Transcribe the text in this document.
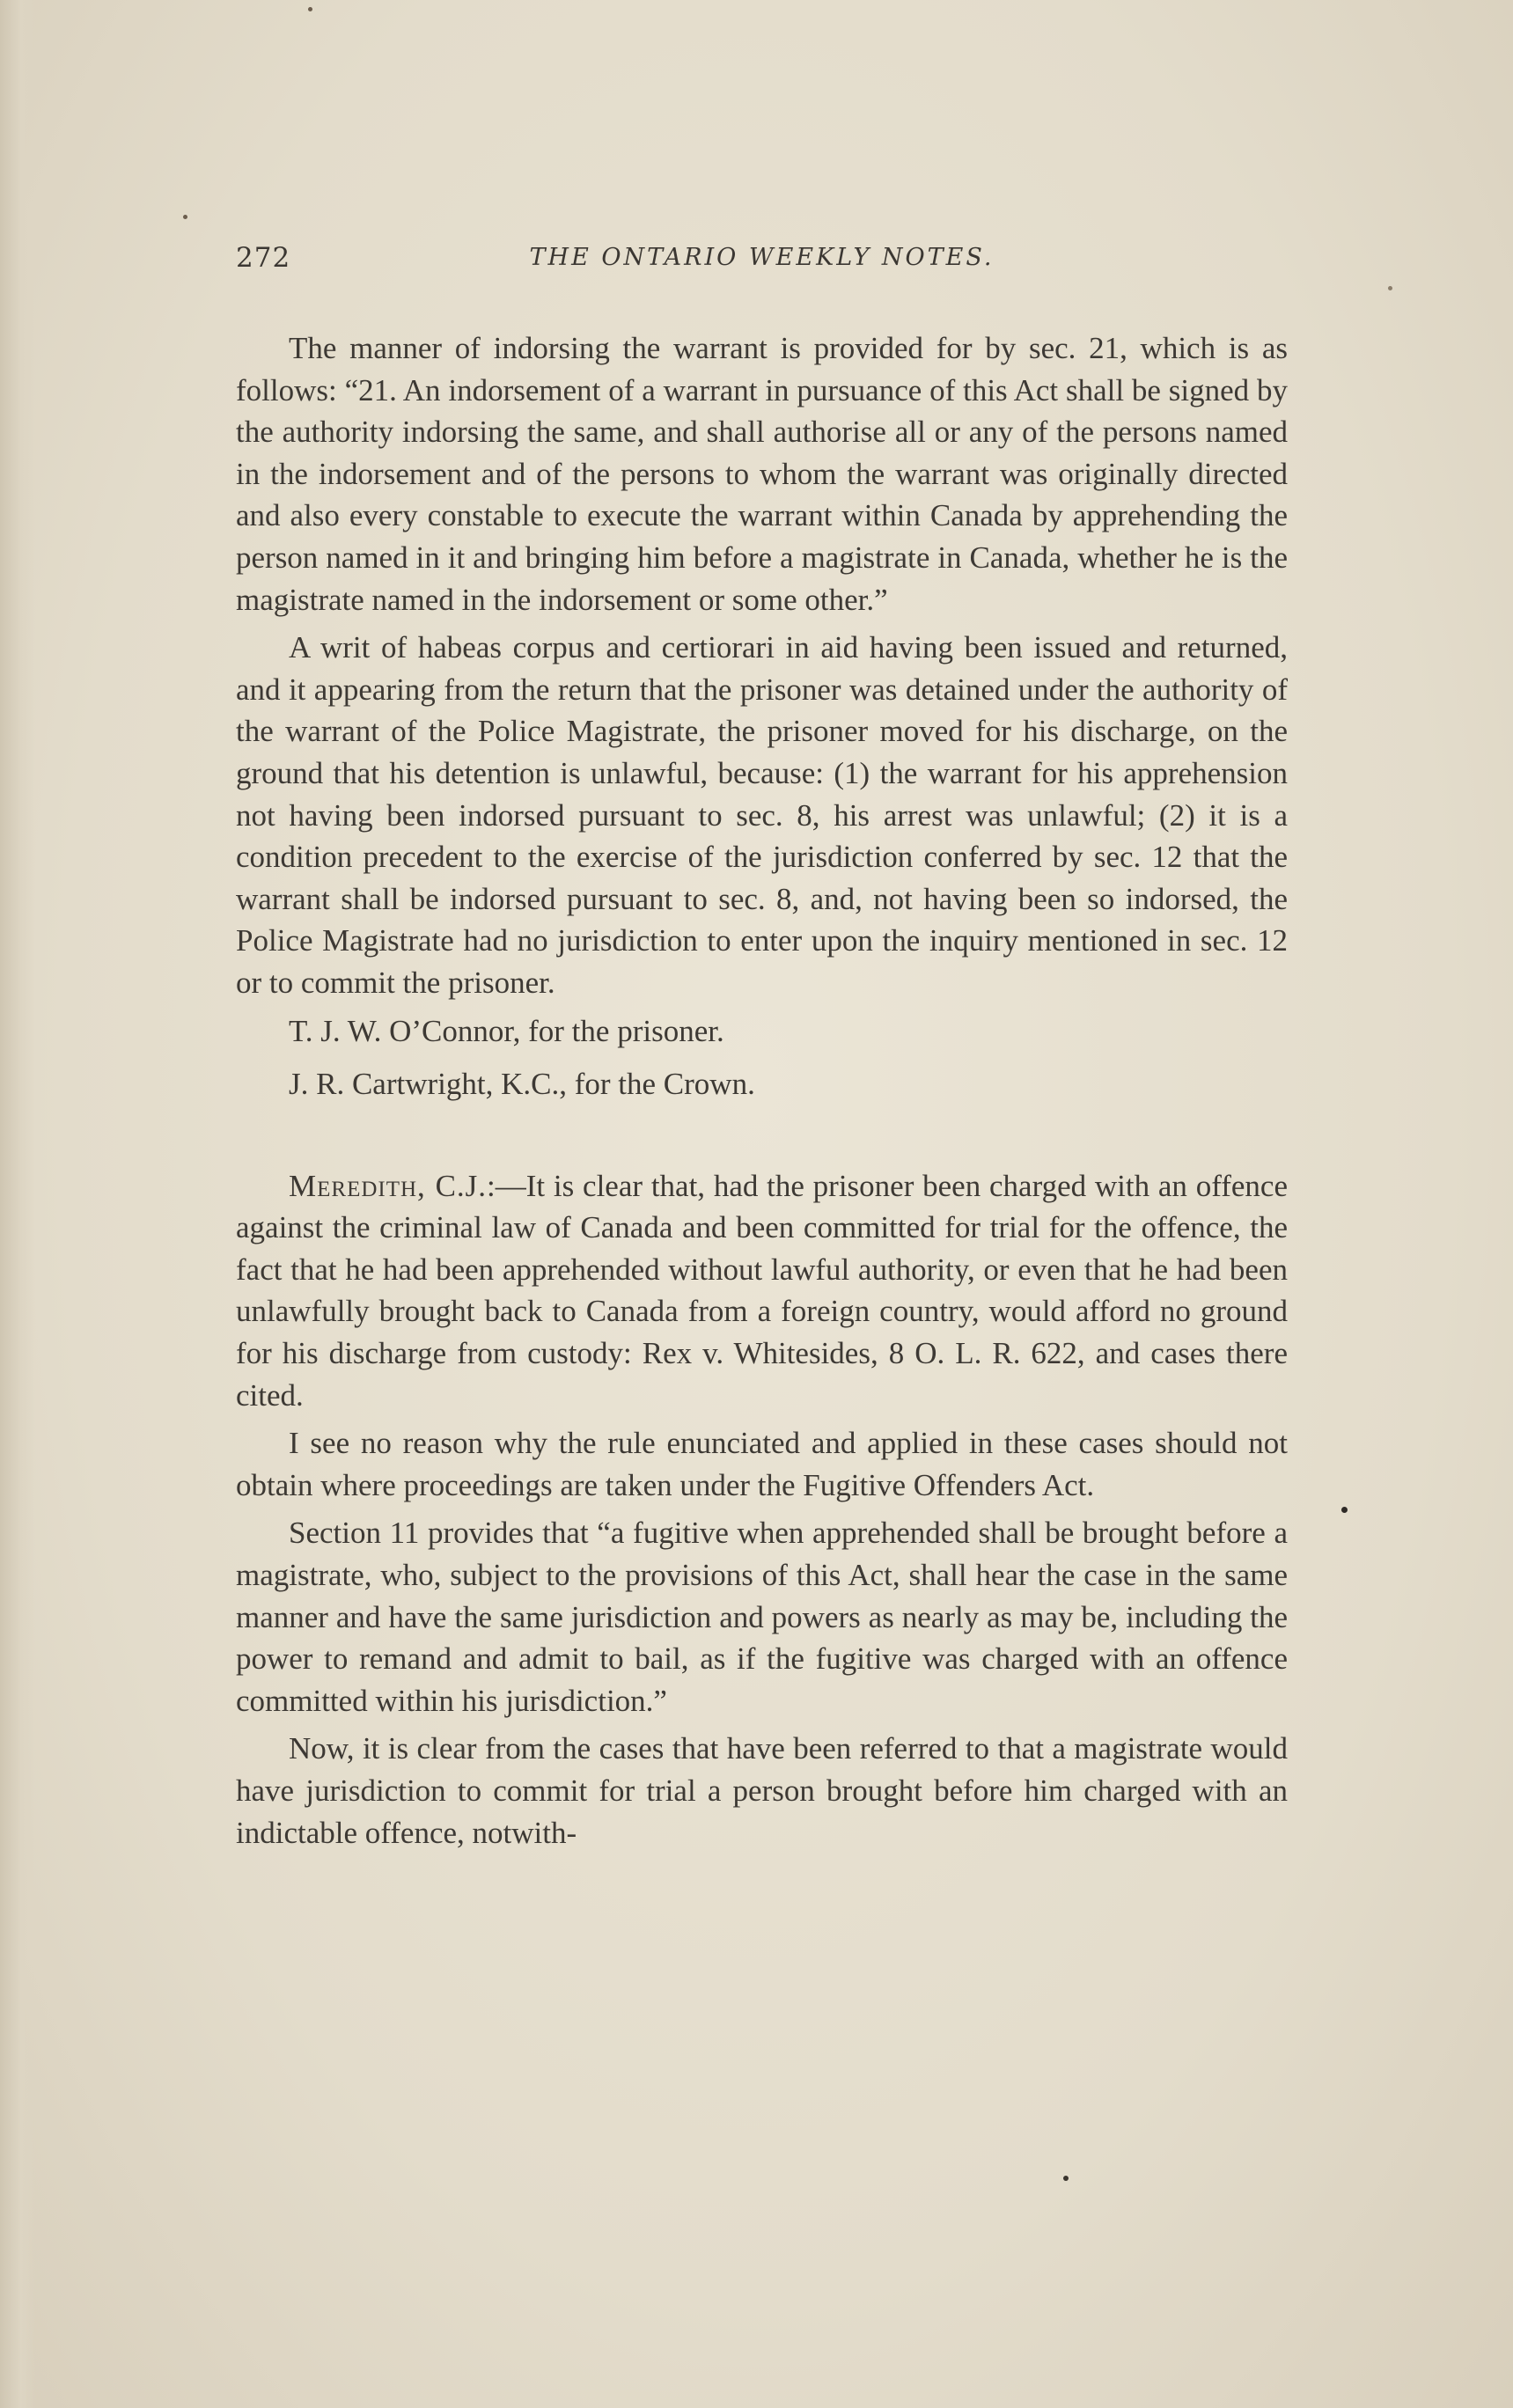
272	THE ONTARIO WEEKLY NOTES.

The manner of indorsing the warrant is provided for by sec. 21, which is as follows: “21. An indorsement of a warrant in pursuance of this Act shall be signed by the authority indorsing the same, and shall authorise all or any of the persons named in the indorsement and of the persons to whom the warrant was originally directed and also every constable to execute the warrant within Canada by apprehending the person named in it and bringing him before a magistrate in Canada, whether he is the magistrate named in the indorsement or some other.”

A writ of habeas corpus and certiorari in aid having been issued and returned, and it appearing from the return that the prisoner was detained under the authority of the warrant of the Police Magistrate, the prisoner moved for his discharge, on the ground that his detention is unlawful, because: (1) the warrant for his apprehension not having been indorsed pursuant to sec. 8, his arrest was unlawful; (2) it is a condition precedent to the exercise of the jurisdiction conferred by sec. 12 that the warrant shall be indorsed pursuant to sec. 8, and, not having been so indorsed, the Police Magistrate had no jurisdiction to enter upon the inquiry mentioned in sec. 12 or to commit the prisoner.

T. J. W. O’Connor, for the prisoner.

J. R. Cartwright, K.C., for the Crown.

Meredith, C.J.:—It is clear that, had the prisoner been charged with an offence against the criminal law of Canada and been committed for trial for the offence, the fact that he had been apprehended without lawful authority, or even that he had been unlawfully brought back to Canada from a foreign country, would afford no ground for his discharge from custody: Rex v. Whitesides, 8 O. L. R. 622, and cases there cited.

I see no reason why the rule enunciated and applied in these cases should not obtain where proceedings are taken under the Fugitive Offenders Act.

Section 11 provides that “a fugitive when apprehended shall be brought before a magistrate, who, subject to the provisions of this Act, shall hear the case in the same manner and have the same jurisdiction and powers as nearly as may be, including the power to remand and admit to bail, as if the fugitive was charged with an offence committed within his jurisdiction.”

Now, it is clear from the cases that have been referred to that a magistrate would have jurisdiction to commit for trial a person brought before him charged with an indictable offence, notwith-
